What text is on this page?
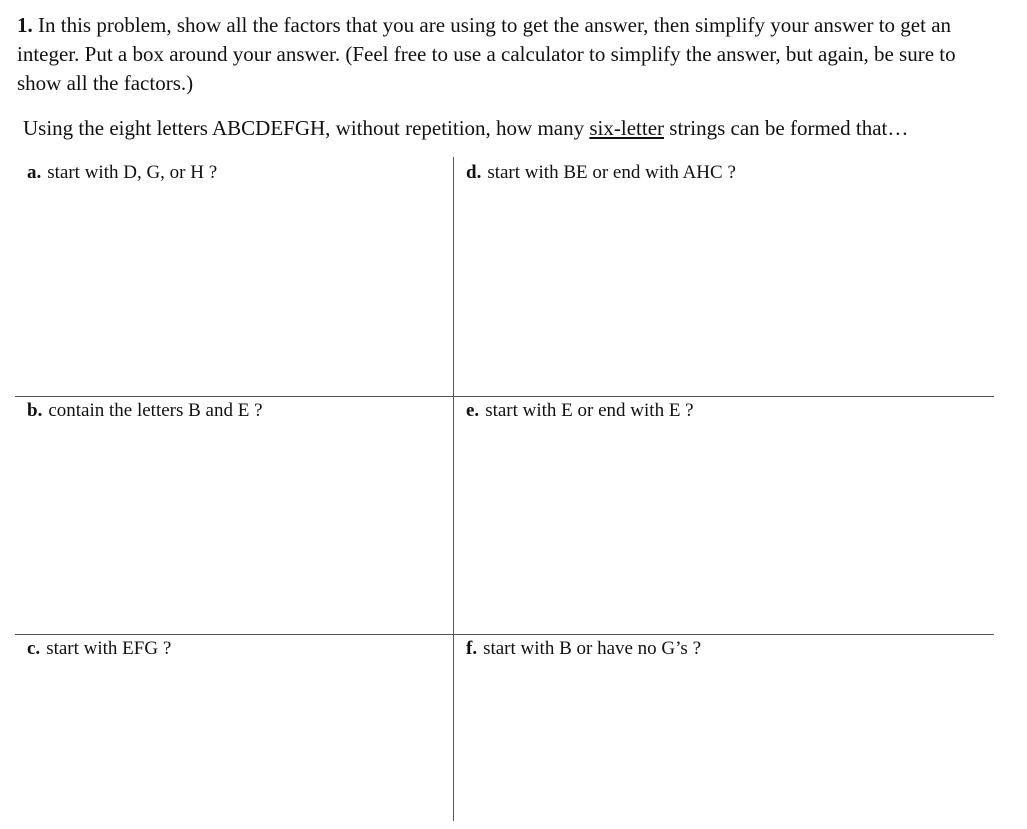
1. In this problem, show all the factors that you are using to get the answer, then simplify your answer to get an integer. Put a box around your answer. (Feel free to use a calculator to simplify the answer, but again, be sure to show all the factors.)

Using the eight letters ABCDEFGH, without repetition, how many six-letter strings can be formed that…

a. start with D, G, or H ?
b. contain the letters B and E ?
c. start with EFG ?
d. start with BE or end with AHC ?
e. start with E or end with E ?
f. start with B or have no G’s ?
